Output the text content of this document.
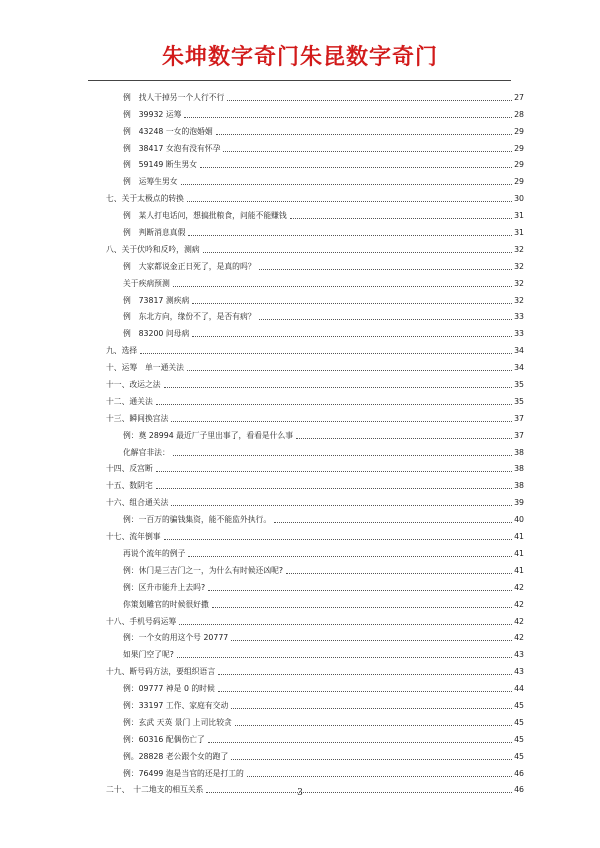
朱坤数字奇门朱昆数字奇门
例　找人干掉另一个人行不行	27
例　39932 运筹	28
例　43248 一女的泡婚姻	29
例　38417 女泡有没有怀孕	29
例　59149 断生男女	29
例　运筹生男女	29
七、关于太极点的转换	30
例　某人打电话问，想搞批粮食，问能不能赚钱	31
例　判断消息真假	31
八、关于伏吟和反吟，测病	32
例　大家都说金正日死了，是真的吗？	32
关于疾病预测	32
例　73817 测疾病	32
例　东北方向，缘份不了，是否有病？	33
例　83200 问母病	33
九、选择	34
十、运筹　单一通关法	34
十一、改运之法	35
十二、通关法	35
十三、瞬间换宫法	37
例：奠 28994 最近厂子里出事了，看看是什么事	37
化解官非法：	38
十四、反宫断	38
十五、数阴宅	38
十六、组合通关法	39
例：一百万的骗钱集资，能不能监外执行。	40
十七、流年倒事	41
再说个流年的例子	41
例：休门是三吉门之一，为什么有时候还凶呢?	41
例：区升市能升上去吗?	42
你策划雕官的时候很好撒	42
十八、手机号码运筹	42
例：一个女的用这个号 20777	42
如果门空了呢?	43
十九、断号码方法，要组织语言	43
例：09777 神是 0 的时候	44
例：33197 工作、家庭有交动	45
例：玄武 天英 景门 上司比较贪	45
例：60316 配偶伤亡了	45
例。28828 老公跟个女的跑了	45
例：76499 泡是当官的还是打工的	46
二十、　十二地支的相互关系	46
3
